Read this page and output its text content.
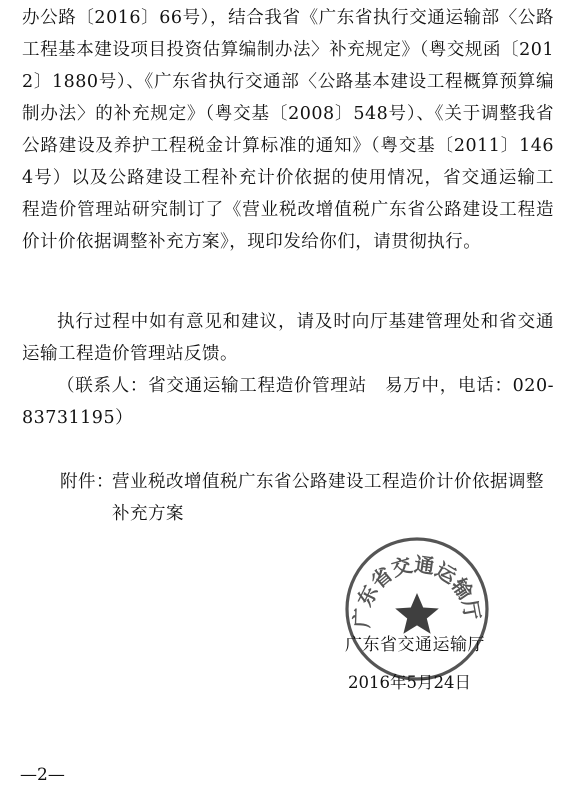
办公路〔2016〕66号），结合我省《广东省执行交通运输部〈公路工程基本建设项目投资估算编制办法〉补充规定》（粤交规函〔2012〕1880号）、《广东省执行交通部〈公路基本建设工程概算预算编制办法〉的补充规定》（粤交基〔2008〕548号）、《关于调整我省公路建设及养护工程税金计算标准的通知》（粤交基〔2011〕1464号）以及公路建设工程补充计价依据的使用情况，省交通运输工程造价管理站研究制订了《营业税改增值税广东省公路建设工程造价计价依据调整补充方案》，现印发给你们，请贯彻执行。

执行过程中如有意见和建议，请及时向厅基建管理处和省交通运输工程造价管理站反馈。

（联系人：省交通运输工程造价管理站　易万中，电话：020-83731195）

附件：
营业税改增值税广东省公路建设工程造价计价依据调整补充方案
广东省交通运输厅
广东省交通运输厅
2016年5月24日
—2—
